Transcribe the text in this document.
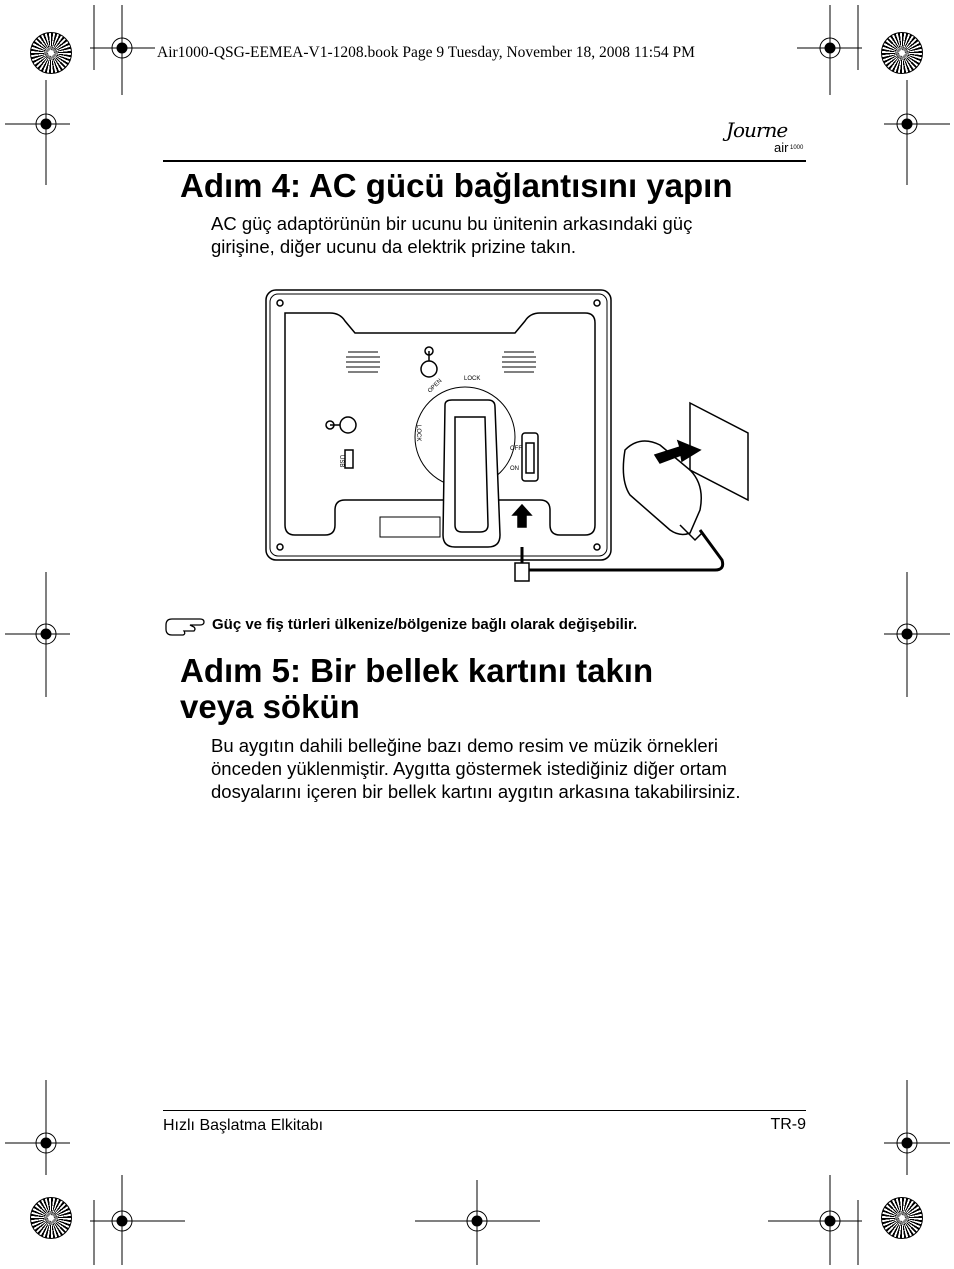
Air1000-QSG-EEMEA-V1-1208.book Page 9 Tuesday, November 18, 2008 11:54 PM
Journe
air 1000
Adım 4: AC gücü bağlantısını yapın
AC güç adaptörünün bir ucunu bu ünitenin arkasındaki güç
girişine, diğer ucunu da elektrik prizine takın.
LOCK
OPEN
LOCK
USB
OFF
ON
Güç ve fiş türleri ülkenize/bölgenize bağlı olarak değişebilir.
Adım 5: Bir bellek kartını takın
veya sökün
Bu aygıtın dahili belleğine bazı demo resim ve müzik örnekleri
önceden yüklenmiştir. Aygıtta göstermek istediğiniz diğer ortam
dosyalarını içeren bir bellek kartını aygıtın arkasına takabilirsiniz.
Hızlı Başlatma Elkitabı	TR-9
